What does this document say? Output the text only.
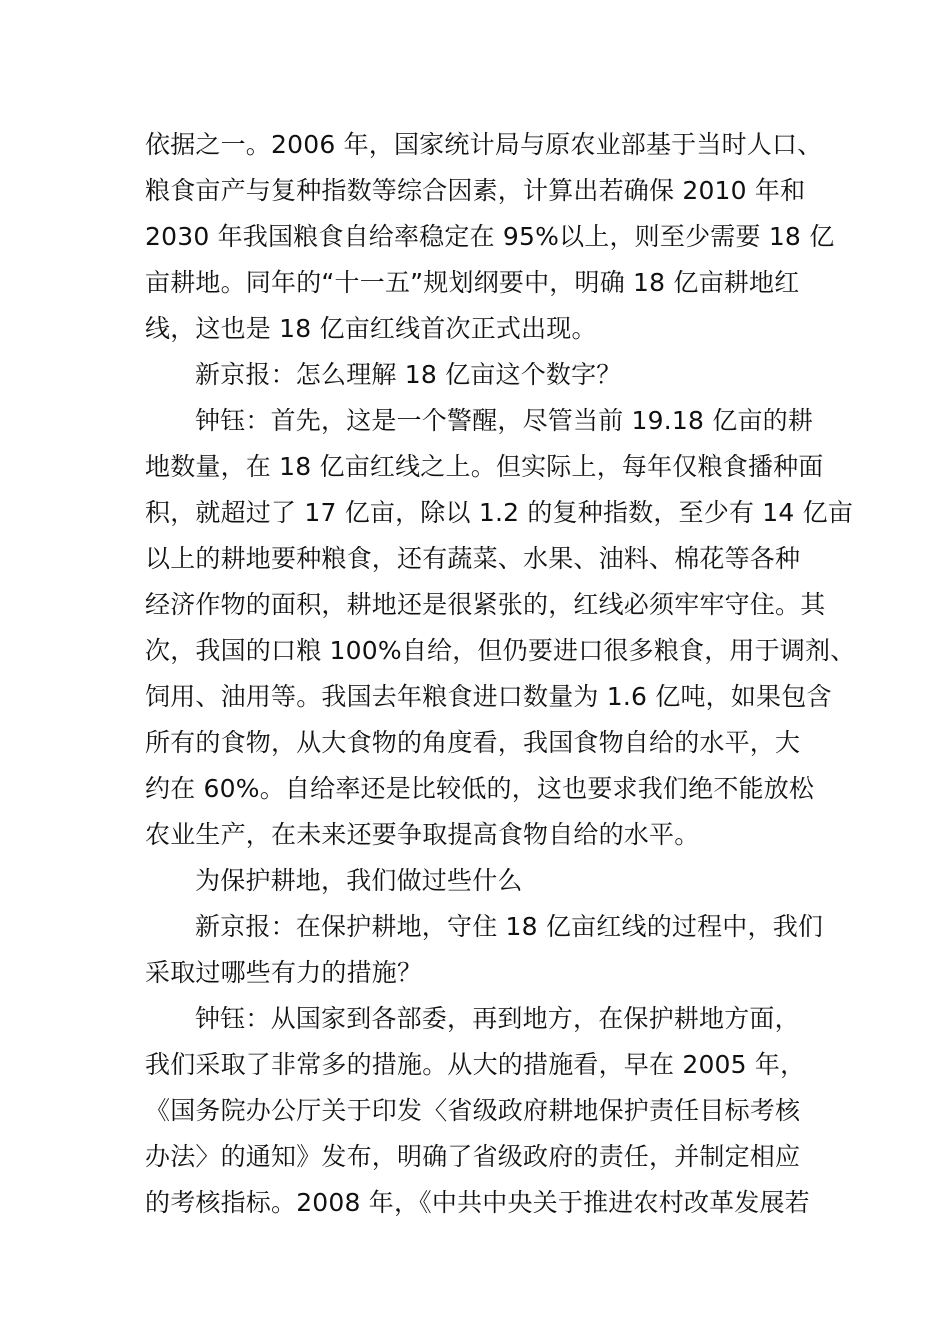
依据之一。2006 年，国家统计局与原农业部基于当时人口、
粮食亩产与复种指数等综合因素，计算出若确保 2010 年和
2030 年我国粮食自给率稳定在 95%以上，则至少需要 18 亿
亩耕地。同年的“十一五”规划纲要中，明确 18 亿亩耕地红
线，这也是 18 亿亩红线首次正式出现。
新京报：怎么理解 18 亿亩这个数字？
钟钰：首先，这是一个警醒，尽管当前 19.18 亿亩的耕
地数量，在 18 亿亩红线之上。但实际上，每年仅粮食播种面
积，就超过了 17 亿亩，除以 1.2 的复种指数，至少有 14 亿亩
以上的耕地要种粮食，还有蔬菜、水果、油料、棉花等各种
经济作物的面积，耕地还是很紧张的，红线必须牢牢守住。其
次，我国的口粮 100%自给，但仍要进口很多粮食，用于调剂、
饲用、油用等。我国去年粮食进口数量为 1.6 亿吨，如果包含
所有的食物，从大食物的角度看，我国食物自给的水平，大
约在 60%。自给率还是比较低的，这也要求我们绝不能放松
农业生产，在未来还要争取提高食物自给的水平。
为保护耕地，我们做过些什么
新京报：在保护耕地，守住 18 亿亩红线的过程中，我们
采取过哪些有力的措施？
钟钰：从国家到各部委，再到地方，在保护耕地方面，
我们采取了非常多的措施。从大的措施看，早在 2005 年，
《国务院办公厅关于印发〈省级政府耕地保护责任目标考核
办法〉的通知》发布，明确了省级政府的责任，并制定相应
的考核指标。2008 年，《中共中央关于推进农村改革发展若
